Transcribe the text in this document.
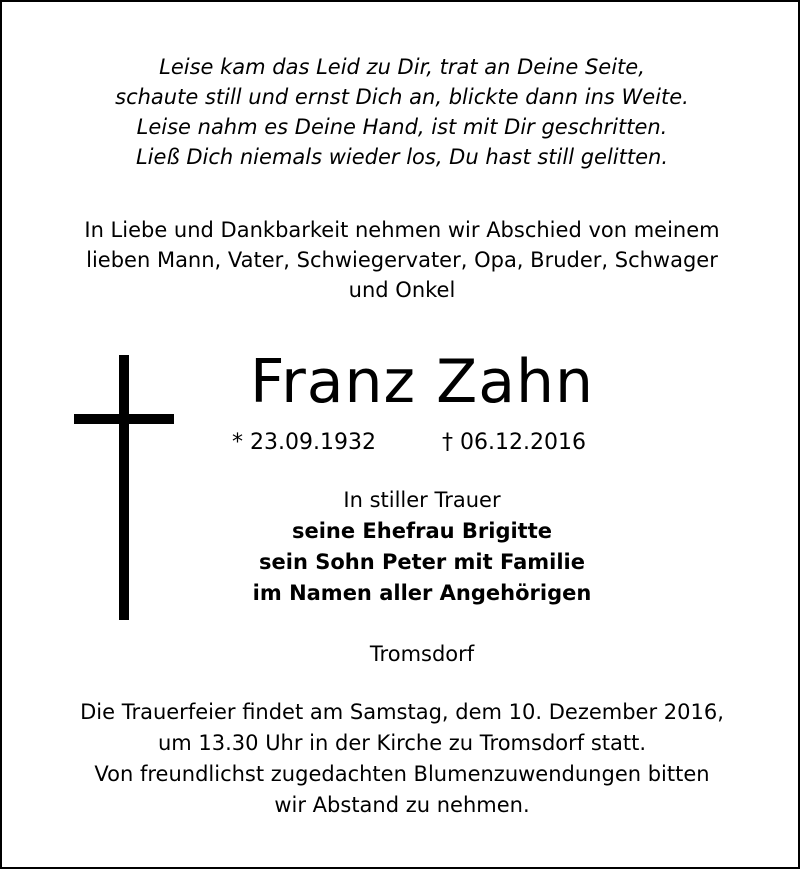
Leise kam das Leid zu Dir, trat an Deine Seite,
schaute still und ernst Dich an, blickte dann ins Weite.
Leise nahm es Deine Hand, ist mit Dir geschritten.
Ließ Dich niemals wieder los, Du hast still gelitten.
In Liebe und Dankbarkeit nehmen wir Abschied von meinem
lieben Mann, Vater, Schwiegervater, Opa, Bruder, Schwager
und Onkel
Franz Zahn
* 23.09.1932	† 06.12.2016
In stiller Trauer
seine Ehefrau Brigitte
sein Sohn Peter mit Familie
im Namen aller Angehörigen
Tromsdorf
Die Trauerfeier findet am Samstag, dem 10. Dezember 2016,
um 13.30 Uhr in der Kirche zu Tromsdorf statt.
Von freundlichst zugedachten Blumenzuwendungen bitten
wir Abstand zu nehmen.
